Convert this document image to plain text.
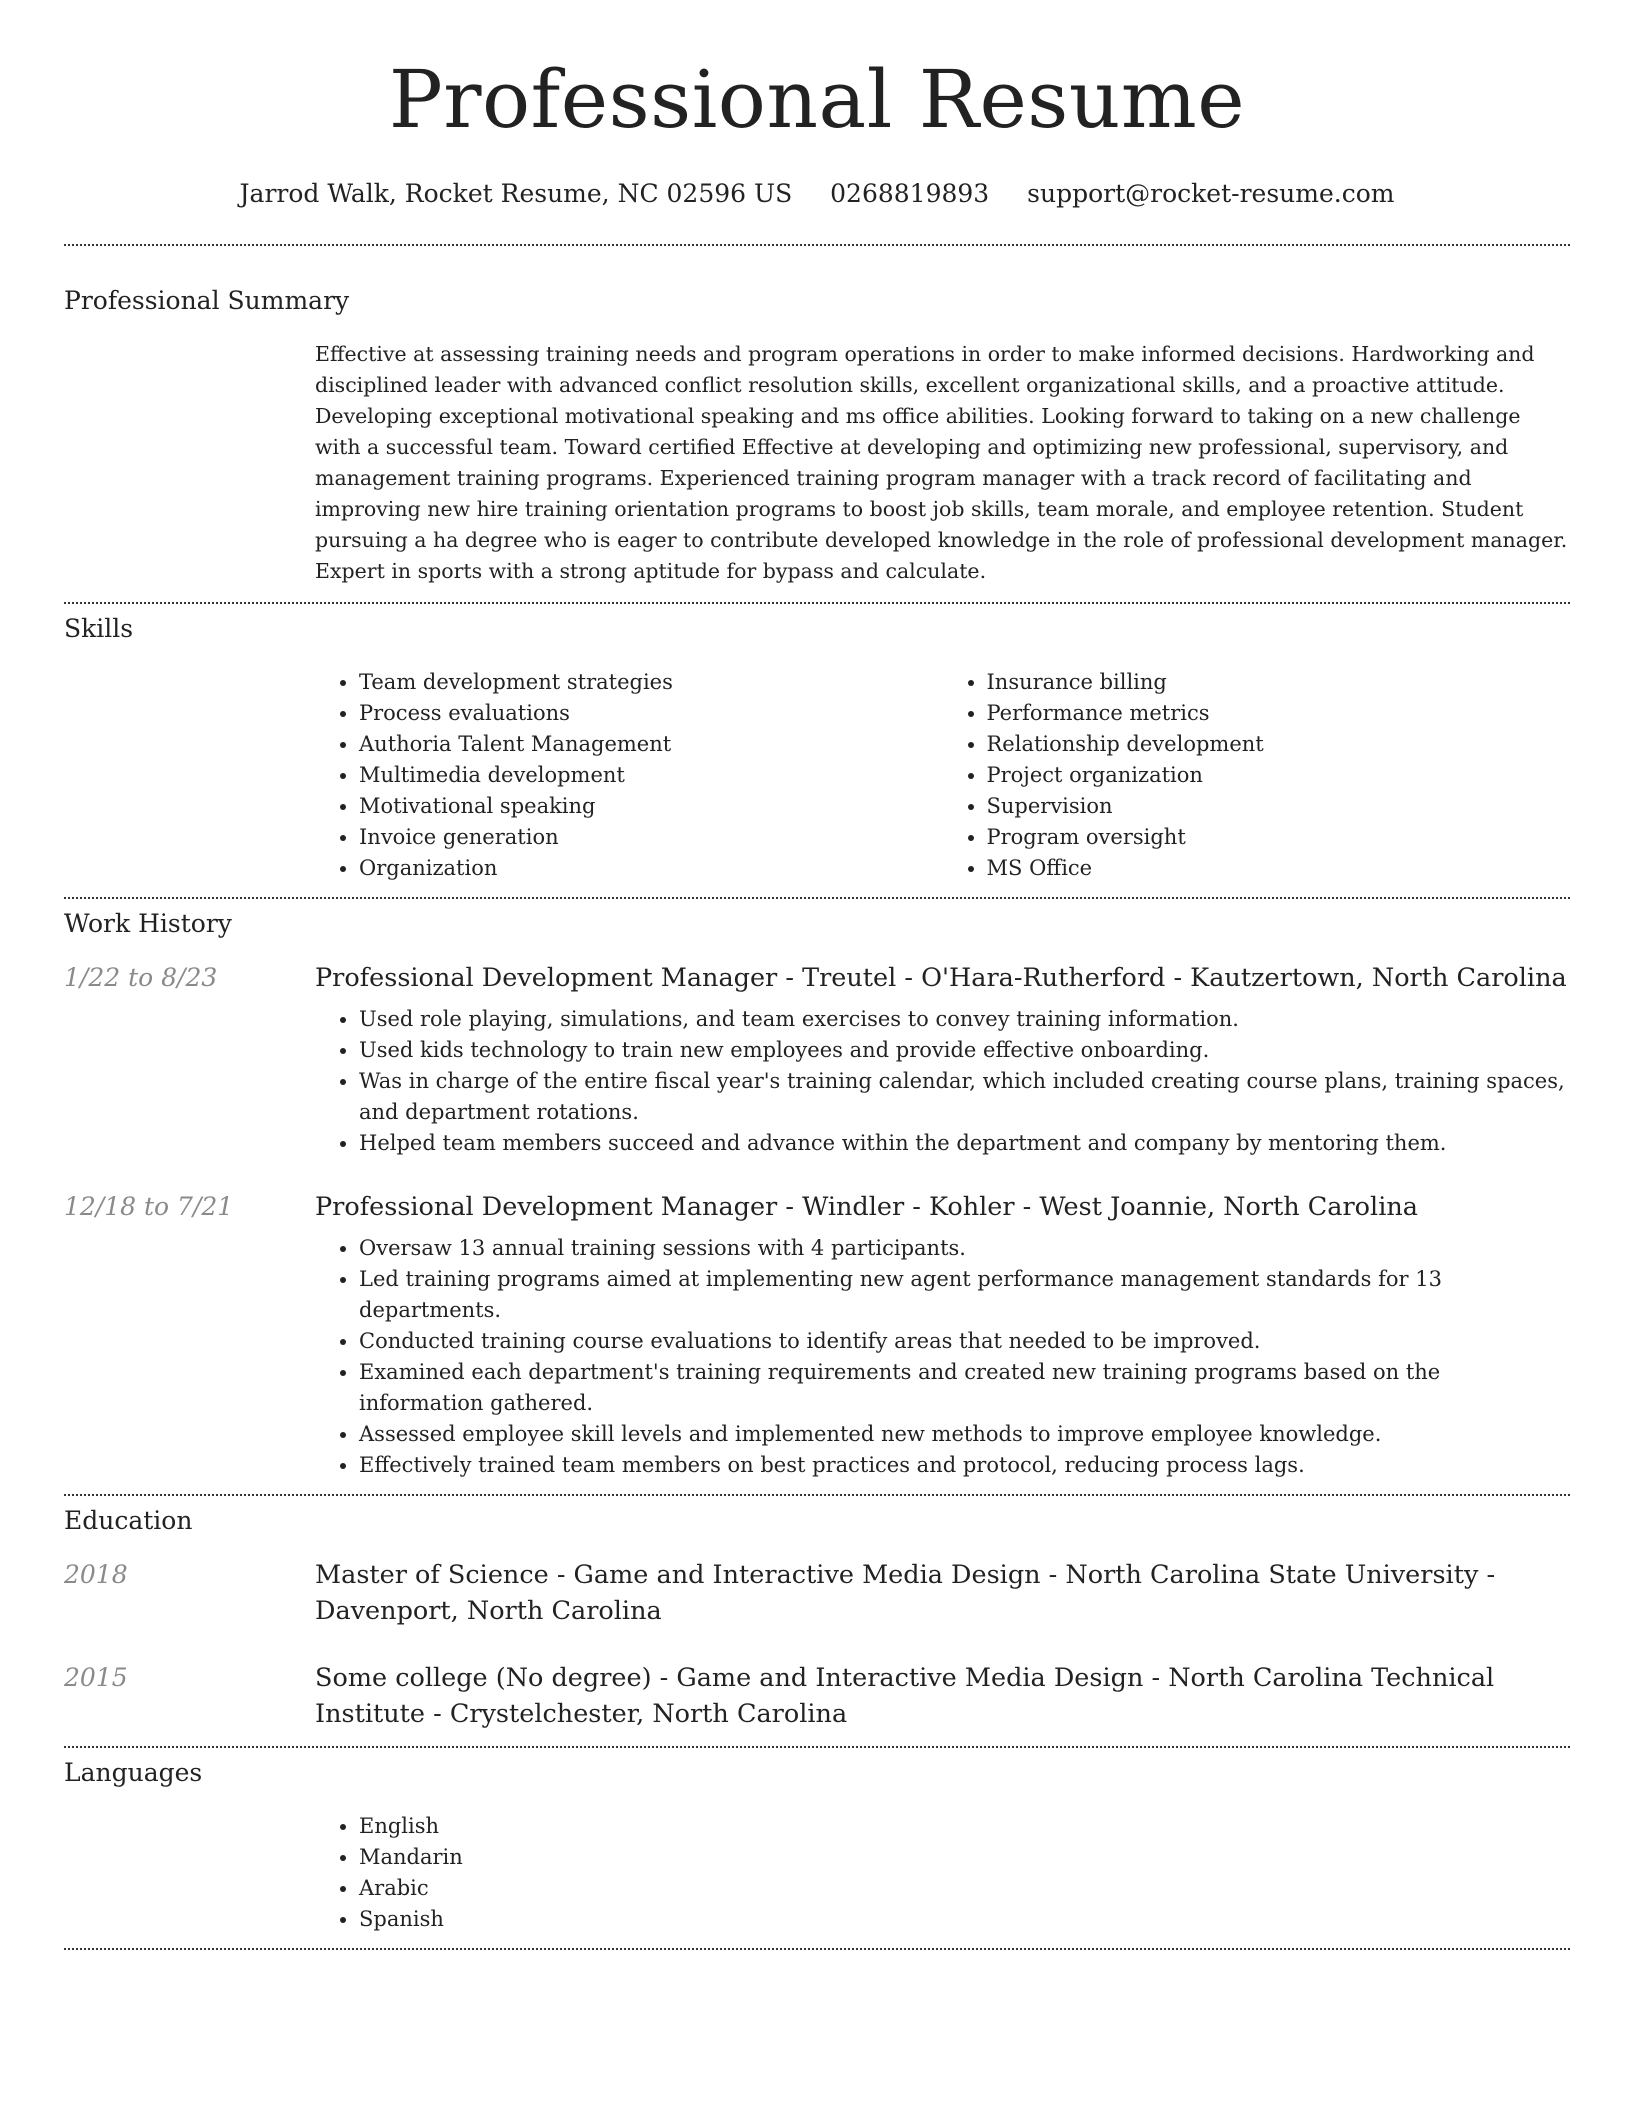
Professional Resume
Jarrod Walk, Rocket Resume, NC 02596 US 0268819893 support@rocket-resume.com
Professional Summary

Effective at assessing training needs and program operations in order to make informed decisions. Hardworking and disciplined leader with advanced conflict resolution skills, excellent organizational skills, and a proactive attitude. Developing exceptional motivational speaking and ms office abilities. Looking forward to taking on a new challenge with a successful team. Toward certified Effective at developing and optimizing new professional, supervisory, and management training programs. Experienced training program manager with a track record of facilitating and improving new hire training orientation programs to boost job skills, team morale, and employee retention. Student pursuing a ha degree who is eager to contribute developed knowledge in the role of professional development manager. Expert in sports with a strong aptitude for bypass and calculate.

Skills
• Team development strategies
• Process evaluations
• Authoria Talent Management
• Multimedia development
• Motivational speaking
• Invoice generation
• Organization
• Insurance billing
• Performance metrics
• Relationship development
• Project organization
• Supervision
• Program oversight
• MS Office
Work History
1/22 to 8/23	Professional Development Manager - Treutel - O'Hara-Rutherford - Kautzertown, North Carolina

• Used role playing, simulations, and team exercises to convey training information.
• Used kids technology to train new employees and provide effective onboarding.
• Was in charge of the entire fiscal year's training calendar, which included creating course plans, training spaces, and department rotations.
• Helped team members succeed and advance within the department and company by mentoring them.
12/18 to 7/21	Professional Development Manager - Windler - Kohler - West Joannie, North Carolina

• Oversaw 13 annual training sessions with 4 participants.
• Led training programs aimed at implementing new agent performance management standards for 13 departments.
• Conducted training course evaluations to identify areas that needed to be improved.
• Examined each department's training requirements and created new training programs based on the information gathered.
• Assessed employee skill levels and implemented new methods to improve employee knowledge.
• Effectively trained team members on best practices and protocol, reducing process lags.
Education
2018	Master of Science - Game and Interactive Media Design - North Carolina State University - Davenport, North Carolina

2015	Some college (No degree) - Game and Interactive Media Design - North Carolina Technical Institute - Crystelchester, North Carolina

Languages
• English
• Mandarin
• Arabic
• Spanish
